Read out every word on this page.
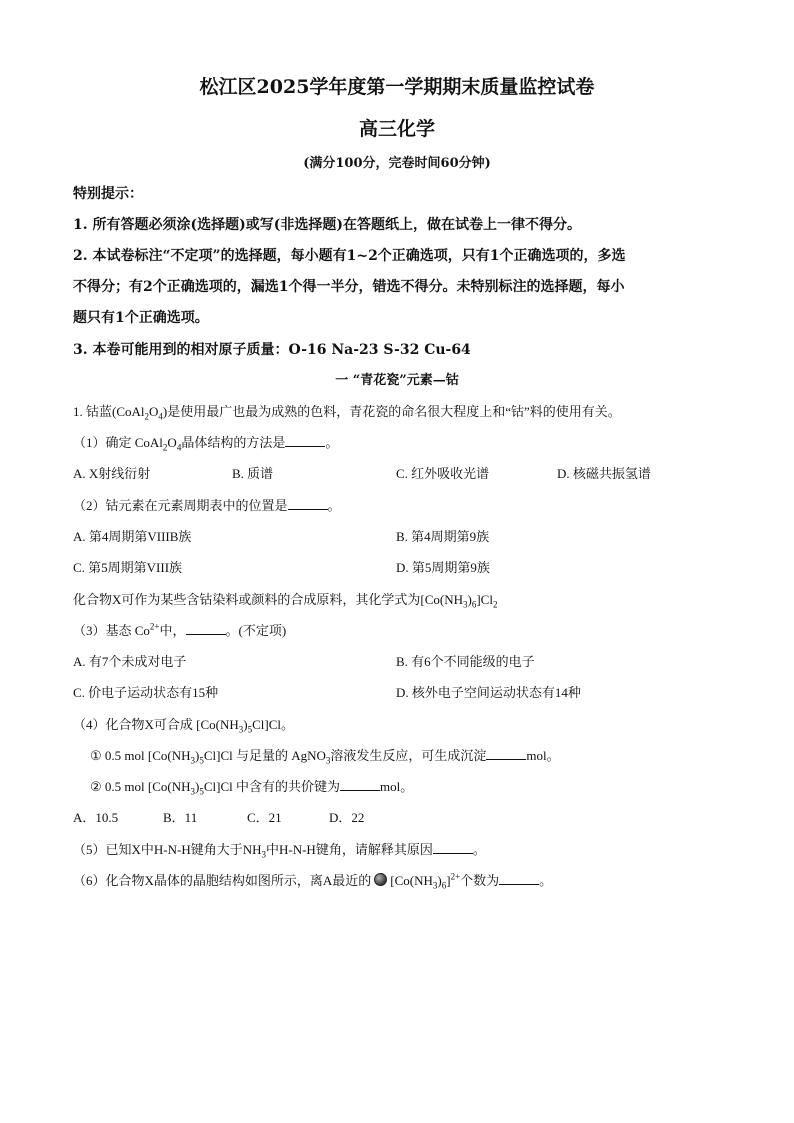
松江区2025学年度第一学期期末质量监控试卷
高三化学
(满分100分，完卷时间60分钟)
特别提示：
1. 所有答题必须涂(选择题)或写(非选择题)在答题纸上，做在试卷上一律不得分。
2. 本试卷标注“不定项”的选择题，每小题有1~2个正确选项，只有1个正确选项的，多选
不得分；有2个正确选项的，漏选1个得一半分，错选不得分。未特别标注的选择题，每小
题只有1个正确选项。
3. 本卷可能用到的相对原子质量：O-16 Na-23 S-32 Cu-64
一 “青花瓷”元素—钴
1. 钴蓝$(CoAl_2O_4)$是使用最广也最为成熟的色料，青花瓷的命名很大程度上和“钴”料的使用有关。
（1）确定 $CoAl_2O_4$晶体结构的方法是	。
A. X射线衍射	B. 质谱	C. 红外吸收光谱	D. 核磁共振氢谱
（2）钴元素在元素周期表中的位置是	。
A. 第4周期第VIIIB族	B. 第4周期第9族
C. 第5周期第VIII族	D. 第5周期第9族
化合物X可作为某些含钴染料或颜料的合成原料，其化学式为$[Co(NH_3)_6]Cl_2$
（3）基态 $Co^{2+}$中，	。(不定项)
A. 有7个未成对电子	B. 有6个不同能级的电子
C. 价电子运动状态有15种	D. 核外电子空间运动状态有14种
（4）化合物X可合成 $[Co(NH_3)_5Cl]Cl$。
① 0.5 mol $[Co(NH_3)_5Cl]Cl$ 与足量的 AgNO$_3$溶液发生反应，可生成沉淀	mol。
② 0.5 mol $[Co(NH_3)_5Cl]Cl$ 中含有的共价键为	mol。
A．10.5	B．11	C．21	D．22
（5）已知X中H-N-H键角大于$NH_3$中H-N-H键角，请解释其原因	。
（6）化合物X晶体的晶胞结构如图所示，离A最近的 $[Co(NH_3)_6]^{2+}$个数为	。
